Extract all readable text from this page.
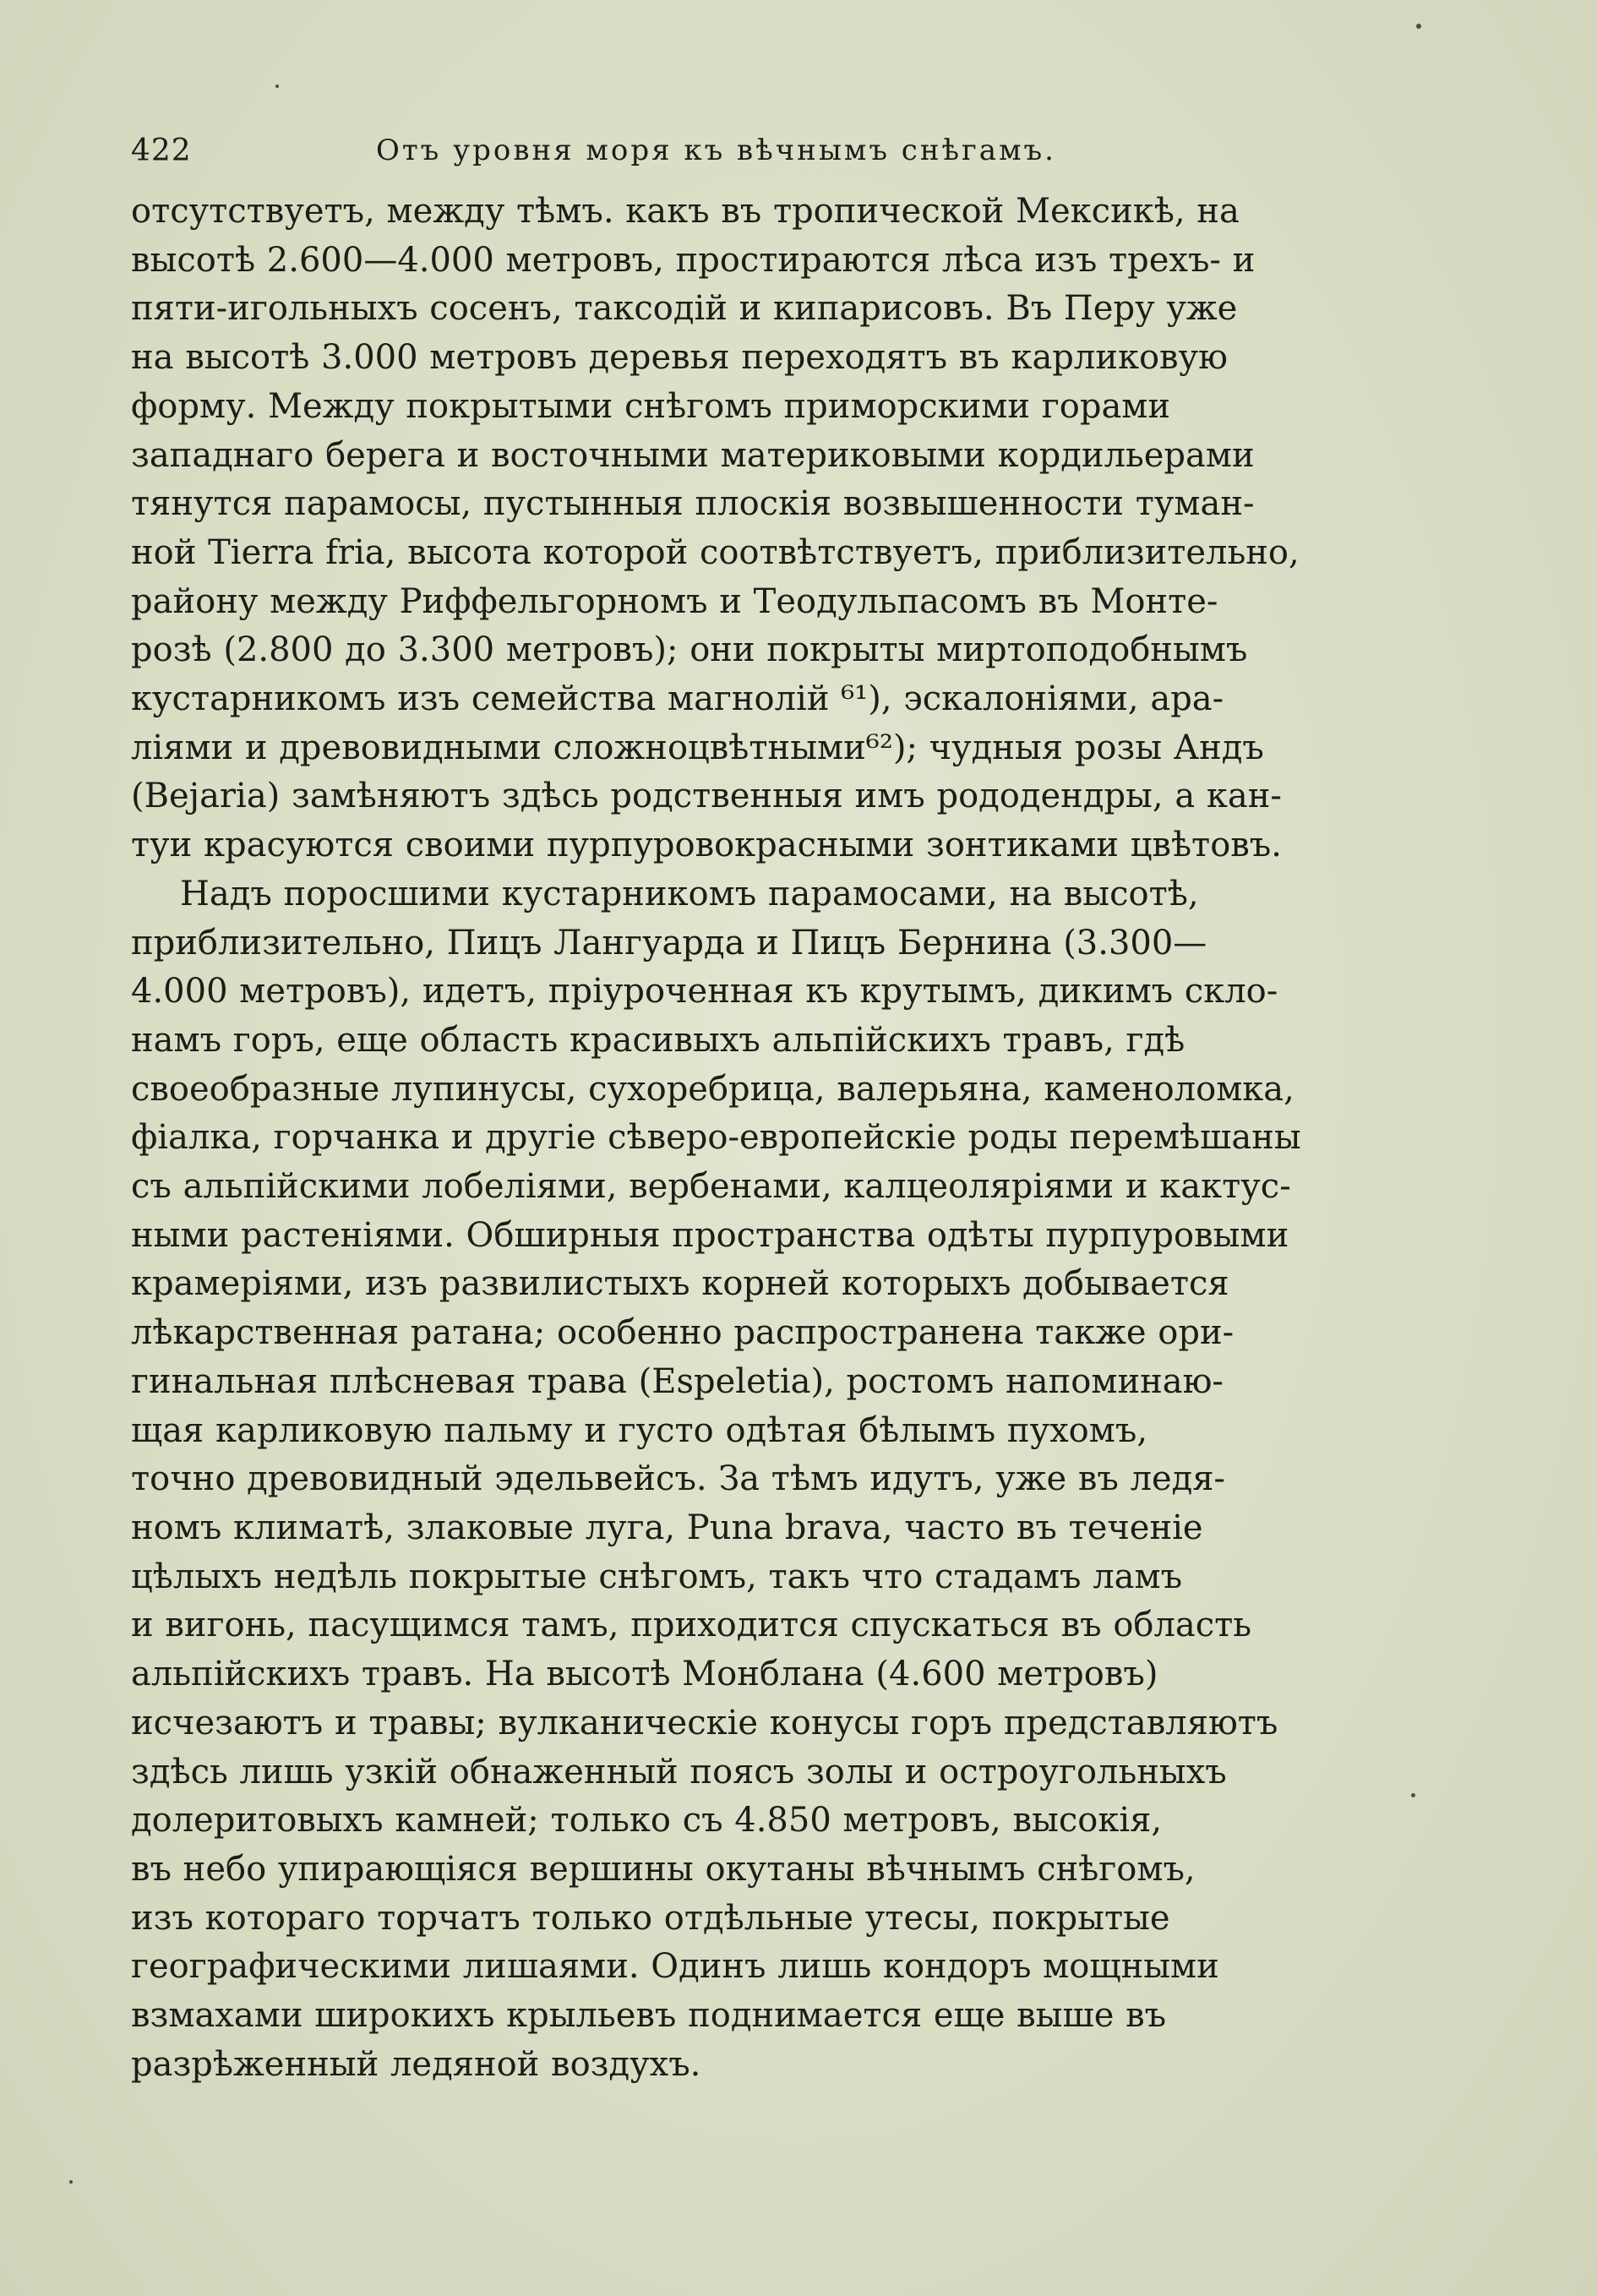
422	Отъ уровня моря къ вѣчнымъ снѣгамъ.

отсутствуетъ, между тѣмъ. какъ въ тропической Мексикѣ, на
высотѣ 2.600—4.000 метровъ, простираются лѣса изъ трехъ- и
пяти-игольныхъ сосенъ, таксодій и кипарисовъ. Въ Перу уже
на высотѣ 3.000 метровъ деревья переходятъ въ карликовую
форму. Между покрытыми снѣгомъ приморскими горами
западнаго берега и восточными материковыми кордильерами
тянутся парамосы, пустынныя плоскія возвышенности туман-
ной Tierra fria, высота которой соотвѣтствуетъ, приблизительно,
району между Риффельгорномъ и Теодульпасомъ въ Монте-
розѣ (2.800 до 3.300 метровъ); они покрыты миртоподобнымъ
кустарникомъ изъ семейства магнолій ⁶¹), эскалоніями, ара-
ліями и древовидными сложноцвѣтными⁶²); чудныя розы Андъ
(Bejaria) замѣняютъ здѣсь родственныя имъ рододендры, а кан-
туи красуются своими пурпуровокрасными зонтиками цвѣтовъ.

Надъ поросшими кустарникомъ парамосами, на высотѣ,
приблизительно, Пицъ Лангуарда и Пицъ Бернина (3.300—
4.000 метровъ), идетъ, пріуроченная къ крутымъ, дикимъ скло-
намъ горъ, еще область красивыхъ альпійскихъ травъ, гдѣ
своеобразные лупинусы, сухоребрица, валерьяна, каменоломка,
фіалка, горчанка и другіе сѣверо-европейскіе роды перемѣшаны
съ альпійскими лобеліями, вербенами, калцеоляріями и кактус-
ными растеніями. Обширныя пространства одѣты пурпуровыми
крамеріями, изъ развилистыхъ корней которыхъ добывается
лѣкарственная ратана; особенно распространена также ори-
гинальная плѣсневая трава (Espeletia), ростомъ напоминаю-
щая карликовую пальму и густо одѣтая бѣлымъ пухомъ,
точно древовидный эдельвейсъ. За тѣмъ идутъ, уже въ ледя-
номъ климатѣ, злаковые луга, Puna brava, часто въ теченіе
цѣлыхъ недѣль покрытые снѣгомъ, такъ что стадамъ ламъ
и вигонь, пасущимся тамъ, приходится спускаться въ область
альпійскихъ травъ. На высотѣ Монблана (4.600 метровъ)
исчезаютъ и травы; вулканическіе конусы горъ представляютъ
здѣсь лишь узкій обнаженный поясъ золы и остроугольныхъ
долеритовыхъ камней; только съ 4.850 метровъ, высокія,
въ небо упирающіяся вершины окутаны вѣчнымъ снѣгомъ,
изъ котораго торчатъ только отдѣльные утесы, покрытые
географическими лишаями. Одинъ лишь кондоръ мощными
взмахами широкихъ крыльевъ поднимается еще выше въ
разрѣженный ледяной воздухъ.
